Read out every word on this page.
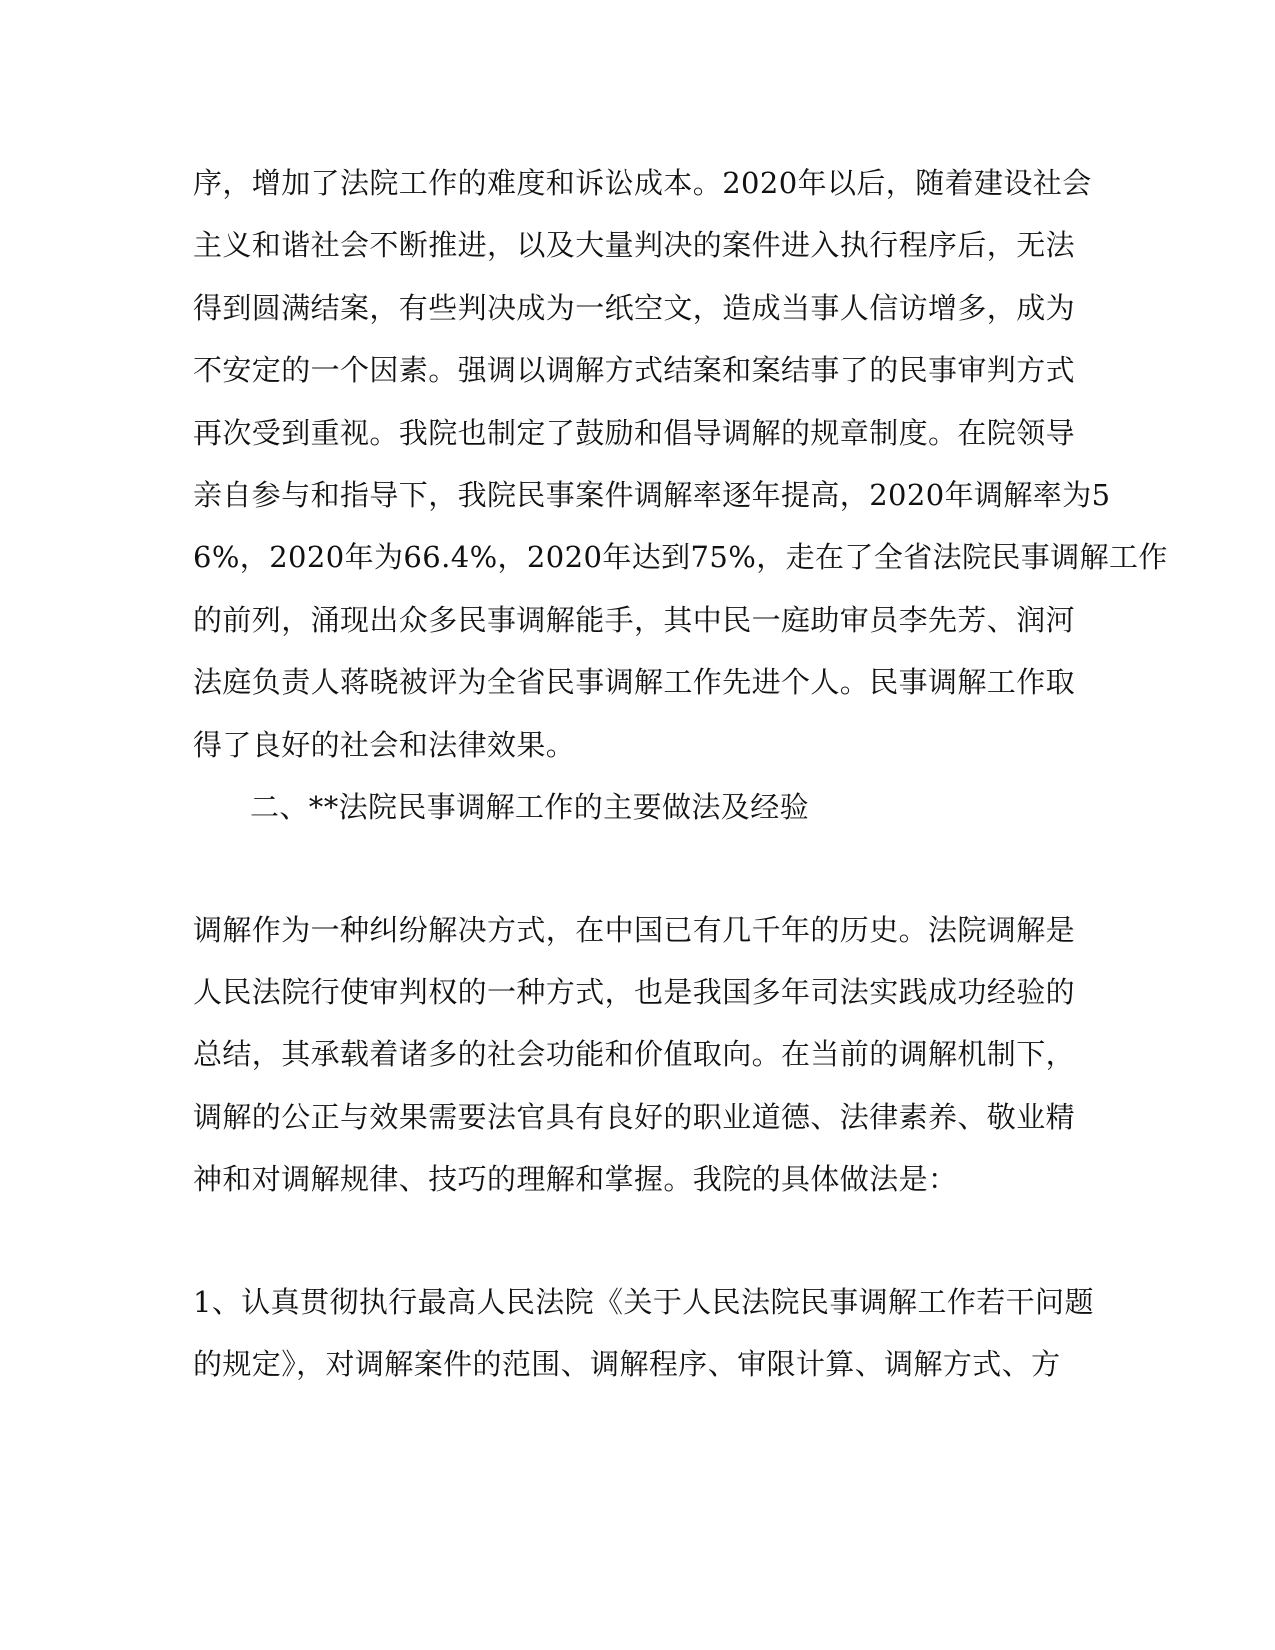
序，增加了法院工作的难度和诉讼成本。2020年以后，随着建设社会
主义和谐社会不断推进，以及大量判决的案件进入执行程序后，无法
得到圆满结案，有些判决成为一纸空文，造成当事人信访增多，成为
不安定的一个因素。强调以调解方式结案和案结事了的民事审判方式
再次受到重视。我院也制定了鼓励和倡导调解的规章制度。在院领导
亲自参与和指导下，我院民事案件调解率逐年提高，2020年调解率为5
6%，2020年为66.4%，2020年达到75%，走在了全省法院民事调解工作
的前列，涌现出众多民事调解能手，其中民一庭助审员李先芳、润河
法庭负责人蒋晓被评为全省民事调解工作先进个人。民事调解工作取
得了良好的社会和法律效果。
二、**法院民事调解工作的主要做法及经验
调解作为一种纠纷解决方式，在中国已有几千年的历史。法院调解是
人民法院行使审判权的一种方式，也是我国多年司法实践成功经验的
总结，其承载着诸多的社会功能和价值取向。在当前的调解机制下，
调解的公正与效果需要法官具有良好的职业道德、法律素养、敬业精
神和对调解规律、技巧的理解和掌握。我院的具体做法是：
1、认真贯彻执行最高人民法院《关于人民法院民事调解工作若干问题
的规定》，对调解案件的范围、调解程序、审限计算、调解方式、方
